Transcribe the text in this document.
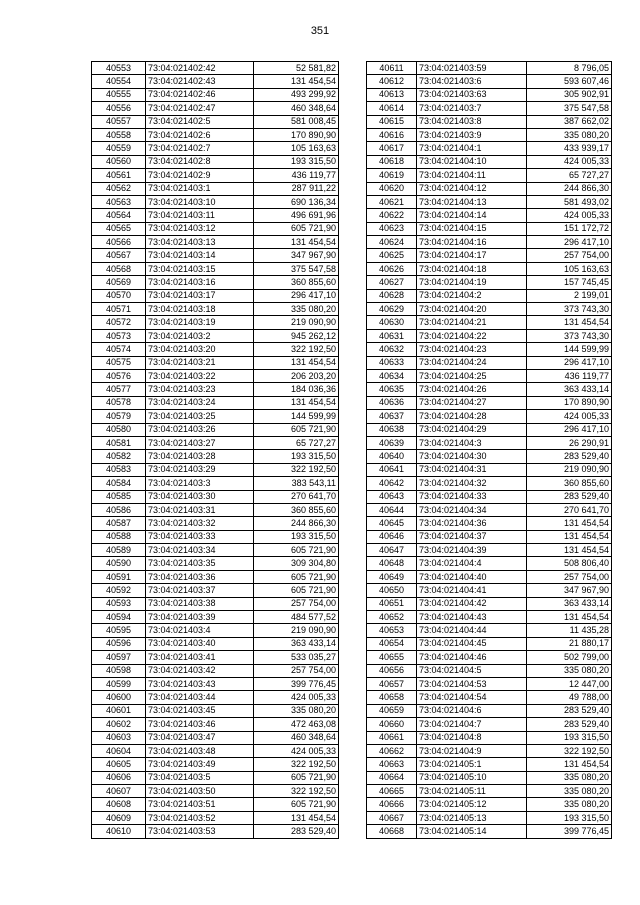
351
40553	73:04:021402:42	52 581,82
40554	73:04:021402:43	131 454,54
40555	73:04:021402:46	493 299,92
40556	73:04:021402:47	460 348,64
40557	73:04:021402:5	581 008,45
40558	73:04:021402:6	170 890,90
40559	73:04:021402:7	105 163,63
40560	73:04:021402:8	193 315,50
40561	73:04:021402:9	436 119,77
40562	73:04:021403:1	287 911,22
40563	73:04:021403:10	690 136,34
40564	73:04:021403:11	496 691,96
40565	73:04:021403:12	605 721,90
40566	73:04:021403:13	131 454,54
40567	73:04:021403:14	347 967,90
40568	73:04:021403:15	375 547,58
40569	73:04:021403:16	360 855,60
40570	73:04:021403:17	296 417,10
40571	73:04:021403:18	335 080,20
40572	73:04:021403:19	219 090,90
40573	73:04:021403:2	945 262,12
40574	73:04:021403:20	322 192,50
40575	73:04:021403:21	131 454,54
40576	73:04:021403:22	206 203,20
40577	73:04:021403:23	184 036,36
40578	73:04:021403:24	131 454,54
40579	73:04:021403:25	144 599,99
40580	73:04:021403:26	605 721,90
40581	73:04:021403:27	65 727,27
40582	73:04:021403:28	193 315,50
40583	73:04:021403:29	322 192,50
40584	73:04:021403:3	383 543,11
40585	73:04:021403:30	270 641,70
40586	73:04:021403:31	360 855,60
40587	73:04:021403:32	244 866,30
40588	73:04:021403:33	193 315,50
40589	73:04:021403:34	605 721,90
40590	73:04:021403:35	309 304,80
40591	73:04:021403:36	605 721,90
40592	73:04:021403:37	605 721,90
40593	73:04:021403:38	257 754,00
40594	73:04:021403:39	484 577,52
40595	73:04:021403:4	219 090,90
40596	73:04:021403:40	363 433,14
40597	73:04:021403:41	533 035,27
40598	73:04:021403:42	257 754,00
40599	73:04:021403:43	399 776,45
40600	73:04:021403:44	424 005,33
40601	73:04:021403:45	335 080,20
40602	73:04:021403:46	472 463,08
40603	73:04:021403:47	460 348,64
40604	73:04:021403:48	424 005,33
40605	73:04:021403:49	322 192,50
40606	73:04:021403:5	605 721,90
40607	73:04:021403:50	322 192,50
40608	73:04:021403:51	605 721,90
40609	73:04:021403:52	131 454,54
40610	73:04:021403:53	283 529,40
40611	73:04:021403:59	8 796,05
40612	73:04:021403:6	593 607,46
40613	73:04:021403:63	305 902,91
40614	73:04:021403:7	375 547,58
40615	73:04:021403:8	387 662,02
40616	73:04:021403:9	335 080,20
40617	73:04:021404:1	433 939,17
40618	73:04:021404:10	424 005,33
40619	73:04:021404:11	65 727,27
40620	73:04:021404:12	244 866,30
40621	73:04:021404:13	581 493,02
40622	73:04:021404:14	424 005,33
40623	73:04:021404:15	151 172,72
40624	73:04:021404:16	296 417,10
40625	73:04:021404:17	257 754,00
40626	73:04:021404:18	105 163,63
40627	73:04:021404:19	157 745,45
40628	73:04:021404:2	2 199,01
40629	73:04:021404:20	373 743,30
40630	73:04:021404:21	131 454,54
40631	73:04:021404:22	373 743,30
40632	73:04:021404:23	144 599,99
40633	73:04:021404:24	296 417,10
40634	73:04:021404:25	436 119,77
40635	73:04:021404:26	363 433,14
40636	73:04:021404:27	170 890,90
40637	73:04:021404:28	424 005,33
40638	73:04:021404:29	296 417,10
40639	73:04:021404:3	26 290,91
40640	73:04:021404:30	283 529,40
40641	73:04:021404:31	219 090,90
40642	73:04:021404:32	360 855,60
40643	73:04:021404:33	283 529,40
40644	73:04:021404:34	270 641,70
40645	73:04:021404:36	131 454,54
40646	73:04:021404:37	131 454,54
40647	73:04:021404:39	131 454,54
40648	73:04:021404:4	508 806,40
40649	73:04:021404:40	257 754,00
40650	73:04:021404:41	347 967,90
40651	73:04:021404:42	363 433,14
40652	73:04:021404:43	131 454,54
40653	73:04:021404:44	11 435,28
40654	73:04:021404:45	21 880,17
40655	73:04:021404:46	502 799,00
40656	73:04:021404:5	335 080,20
40657	73:04:021404:53	12 447,00
40658	73:04:021404:54	49 788,00
40659	73:04:021404:6	283 529,40
40660	73:04:021404:7	283 529,40
40661	73:04:021404:8	193 315,50
40662	73:04:021404:9	322 192,50
40663	73:04:021405:1	131 454,54
40664	73:04:021405:10	335 080,20
40665	73:04:021405:11	335 080,20
40666	73:04:021405:12	335 080,20
40667	73:04:021405:13	193 315,50
40668	73:04:021405:14	399 776,45
